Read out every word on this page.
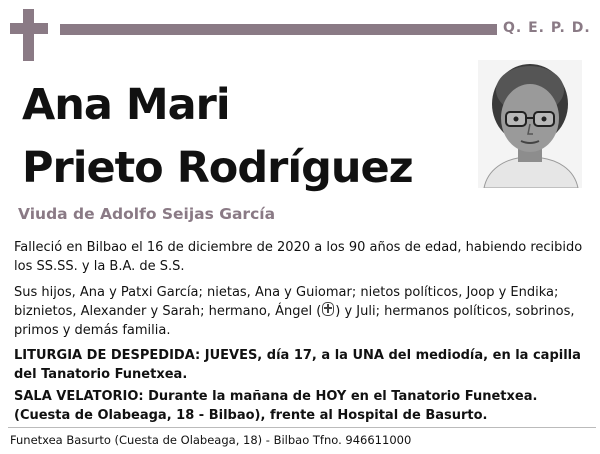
Q. E. P. D.
Ana Mari
Prieto Rodríguez
Viuda de Adolfo Seijas García
Falleció en Bilbao el 16 de diciembre de 2020 a los 90 años de edad, habiendo recibido los SS.SS. y la B.A. de S.S.
Sus hijos, Ana y Patxi García; nietas, Ana y Guiomar; nietos políticos, Joop y Endika; biznietos, Alexander y Sarah; hermano, Ángel ( ) y Juli; hermanos políticos, sobrinos, primos y demás familia.
LITURGIA DE DESPEDIDA: JUEVES, día 17, a la UNA del mediodía, en la capilla del Tanatorio Funetxea.
SALA VELATORIO: Durante la mañana de HOY en el Tanatorio Funetxea. (Cuesta de Olabeaga, 18 - Bilbao), frente al Hospital de Basurto.
Funetxea Basurto (Cuesta de Olabeaga, 18) - Bilbao Tfno. 946611000
